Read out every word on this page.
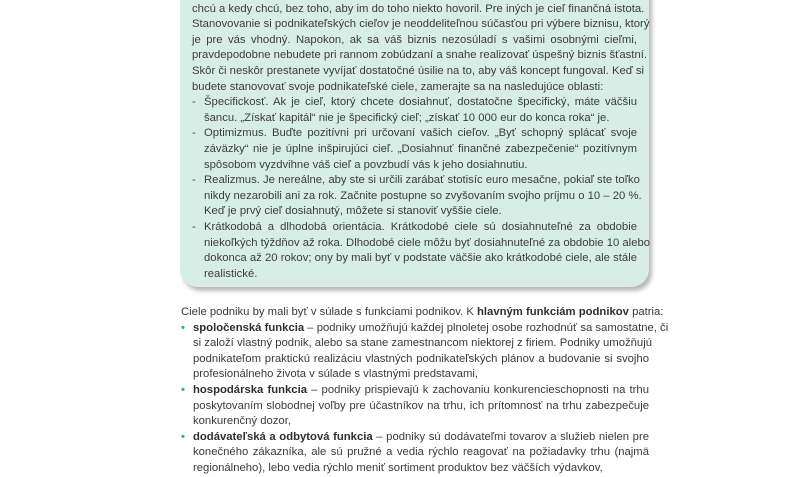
chcú a kedy chcú, bez toho, aby im do toho niekto hovoril. Pre iných je cieľ finančná istota.
Stanovovanie si podnikateľských cieľov je neoddeliteľnou súčasťou pri výbere biznisu, ktorý
je pre vás vhodný. Napokon, ak sa váš biznis nezosúladí s vašimi osobnými cieľmi,
pravdepodobne nebudete pri rannom zobúdzaní a snahe realizovať úspešný biznis šťastní.
Skôr či neskôr prestanete vyvíjať dostatočné úsilie na to, aby váš koncept fungoval. Keď si
budete stanovovať svoje podnikateľské ciele, zamerajte sa na nasledujúce oblasti:
- Špecifickosť. Ak je cieľ, ktorý chcete dosiahnuť, dostatočne špecifický, máte väčšiu
šancu. „Získať kapitál“ nie je špecifický cieľ; „získať 10 000 eur do konca roka“ je.
- Optimizmus. Buďte pozitívni pri určovaní vašich cieľov. „Byť schopný splácať svoje
záväzky“ nie je úplne inšpirujúci cieľ. „Dosiahnuť finančné zabezpečenie“ pozitívnym
spôsobom vyzdvihne váš cieľ a povzbudí vás k jeho dosiahnutiu.
- Realizmus. Je nereálne, aby ste si určili zarábať stotisíc euro mesačne, pokiaľ ste toľko
nikdy nezarobili ani za rok. Začnite postupne so zvyšovaním svojho príjmu o 10 – 20 %.
Keď je prvý cieľ dosiahnutý, môžete si stanoviť vyššie ciele.
- Krátkodobá a dlhodobá orientácia. Krátkodobé ciele sú dosiahnuteľné za obdobie
niekoľkých týždňov až roka. Dlhodobé ciele môžu byť dosiahnuteľné za obdobie 10 alebo
dokonca až 20 rokov; ony by mali byť v podstate väčšie ako krátkodobé ciele, ale stále
realistické.
Ciele podniku by mali byť v súlade s funkciami podnikov. K hlavným funkciám podnikov patria:
• spoločenská funkcia – podniky umožňujú každej plnoletej osobe rozhodnúť sa samostatne, či
si založí vlastný podnik, alebo sa stane zamestnancom niektorej z firiem. Podniky umožňujú
podnikateľom praktickú realizáciu vlastných podnikateľských plánov a budovanie si svojho
profesionálneho života v súlade s vlastnými predstavami,
• hospodárska funkcia – podniky prispievajú k zachovaniu konkurencieschopnosti na trhu
poskytovaním slobodnej voľby pre účastníkov na trhu, ich prítomnosť na trhu zabezpečuje
konkurenčný dozor,
• dodávateľská a odbytová funkcia – podniky sú dodávateľmi tovarov a služieb nielen pre
konečného zákazníka, ale sú pružné a vedia rýchlo reagovať na požiadavky trhu (najmä
regionálneho), lebo vedia rýchlo meniť sortiment produktov bez väčších výdavkov,
